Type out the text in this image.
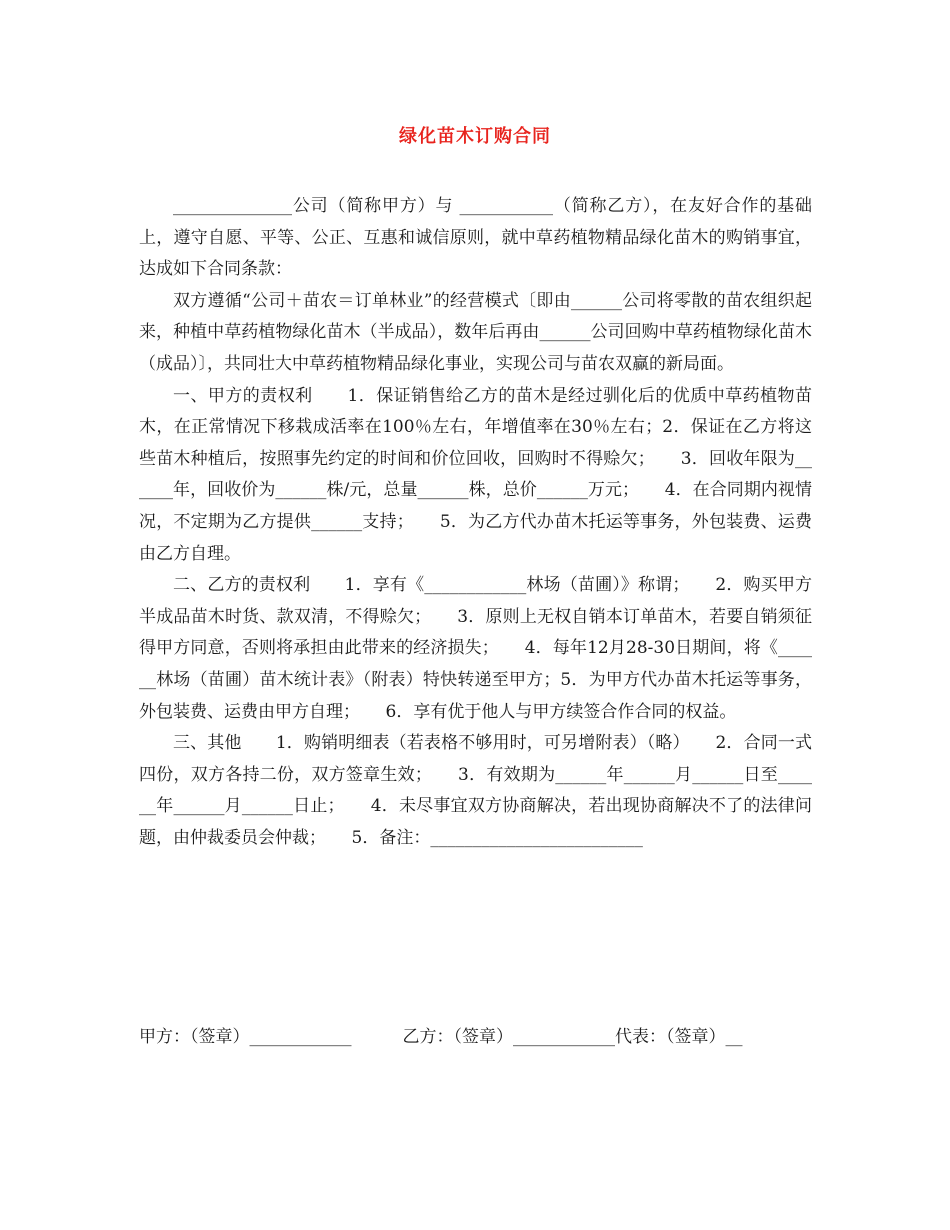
绿化苗木订购合同

______________公司（简称甲方）与 ___________（简称乙方），在友好合作的基础上，遵守自愿、平等、公正、互惠和诚信原则，就中草药植物精品绿化苗木的购销事宜，达成如下合同条款：

双方遵循“公司＋苗农＝订单林业”的经营模式〔即由______公司将零散的苗农组织起来，种植中草药植物绿化苗木（半成品），数年后再由______公司回购中草药植物绿化苗木（成品）〕，共同壮大中草药植物精品绿化事业，实现公司与苗农双赢的新局面。

一、甲方的责权利　　1．保证销售给乙方的苗木是经过驯化后的优质中草药植物苗木，在正常情况下移栽成活率在100％左右，年增值率在30％左右；2．保证在乙方将这些苗木种植后，按照事先约定的时间和价位回收，回购时不得赊欠；　　3．回收年限为______年，回收价为______株/元，总量______株，总价______万元；　　4．在合同期内视情况，不定期为乙方提供______支持；　　5．为乙方代办苗木托运等事务，外包装费、运费由乙方自理。

二、乙方的责权利　　1．享有《____________林场（苗圃）》称谓；　　2．购买甲方半成品苗木时货、款双清，不得赊欠；　　3．原则上无权自销本订单苗木，若要自销须征得甲方同意，否则将承担由此带来的经济损失；　　4．每年12月28-30日期间，将《______林场（苗圃）苗木统计表》（附表）特快转递至甲方；5．为甲方代办苗木托运等事务，外包装费、运费由甲方自理；　　6．享有优于他人与甲方续签合作合同的权益。

三、其他　　1．购销明细表（若表格不够用时，可另增附表）（略）　　2．合同一式四份，双方各持二份，双方签章生效；　　3．有效期为______年______月______日至______年______月______日止；　　4．未尽事宜双方协商解决，若出现协商解决不了的法律问题，由仲裁委员会仲裁；　　5．备注：_________________________

甲方：（签章）____________　　　乙方：（签章）____________代表：（签章）__
